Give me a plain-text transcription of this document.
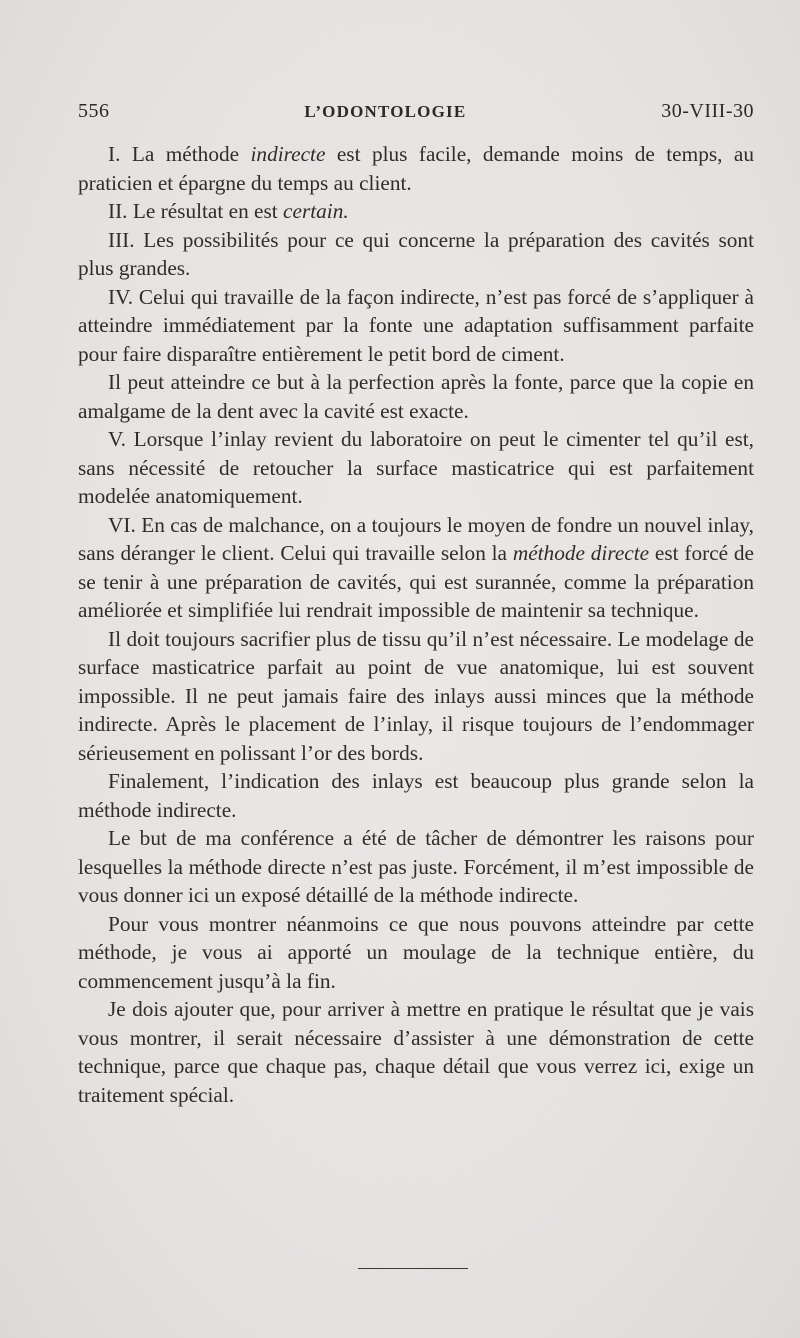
556	L’ODONTOLOGIE	30-VIII-30

I. La méthode indirecte est plus facile, demande moins de temps, au praticien et épargne du temps au client.

II. Le résultat en est certain.

III. Les possibilités pour ce qui concerne la préparation des cavités sont plus grandes.

IV. Celui qui travaille de la façon indirecte, n’est pas forcé de s’appliquer à atteindre immédiatement par la fonte une adaptation suffisamment parfaite pour faire disparaître entièrement le petit bord de ciment.

Il peut atteindre ce but à la perfection après la fonte, parce que la copie en amalgame de la dent avec la cavité est exacte.

V. Lorsque l’inlay revient du laboratoire on peut le cimenter tel qu’il est, sans nécessité de retoucher la surface masticatrice qui est parfaitement modelée anatomiquement.

VI. En cas de malchance, on a toujours le moyen de fondre un nouvel inlay, sans déranger le client. Celui qui travaille selon la méthode directe est forcé de se tenir à une préparation de cavités, qui est surannée, comme la préparation améliorée et simplifiée lui rendrait impossible de maintenir sa technique.

Il doit toujours sacrifier plus de tissu qu’il n’est nécessaire. Le modelage de surface masticatrice parfait au point de vue anatomique, lui est souvent impossible. Il ne peut jamais faire des inlays aussi minces que la méthode indirecte. Après le placement de l’inlay, il risque toujours de l’endommager sérieusement en polissant l’or des bords.

Finalement, l’indication des inlays est beaucoup plus grande selon la méthode indirecte.

Le but de ma conférence a été de tâcher de démontrer les raisons pour lesquelles la méthode directe n’est pas juste. Forcément, il m’est impossible de vous donner ici un exposé détaillé de la méthode indirecte.

Pour vous montrer néanmoins ce que nous pouvons atteindre par cette méthode, je vous ai apporté un moulage de la technique entière, du commencement jusqu’à la fin.

Je dois ajouter que, pour arriver à mettre en pratique le résultat que je vais vous montrer, il serait nécessaire d’assister à une démonstration de cette technique, parce que chaque pas, chaque détail que vous verrez ici, exige un traitement spécial.
